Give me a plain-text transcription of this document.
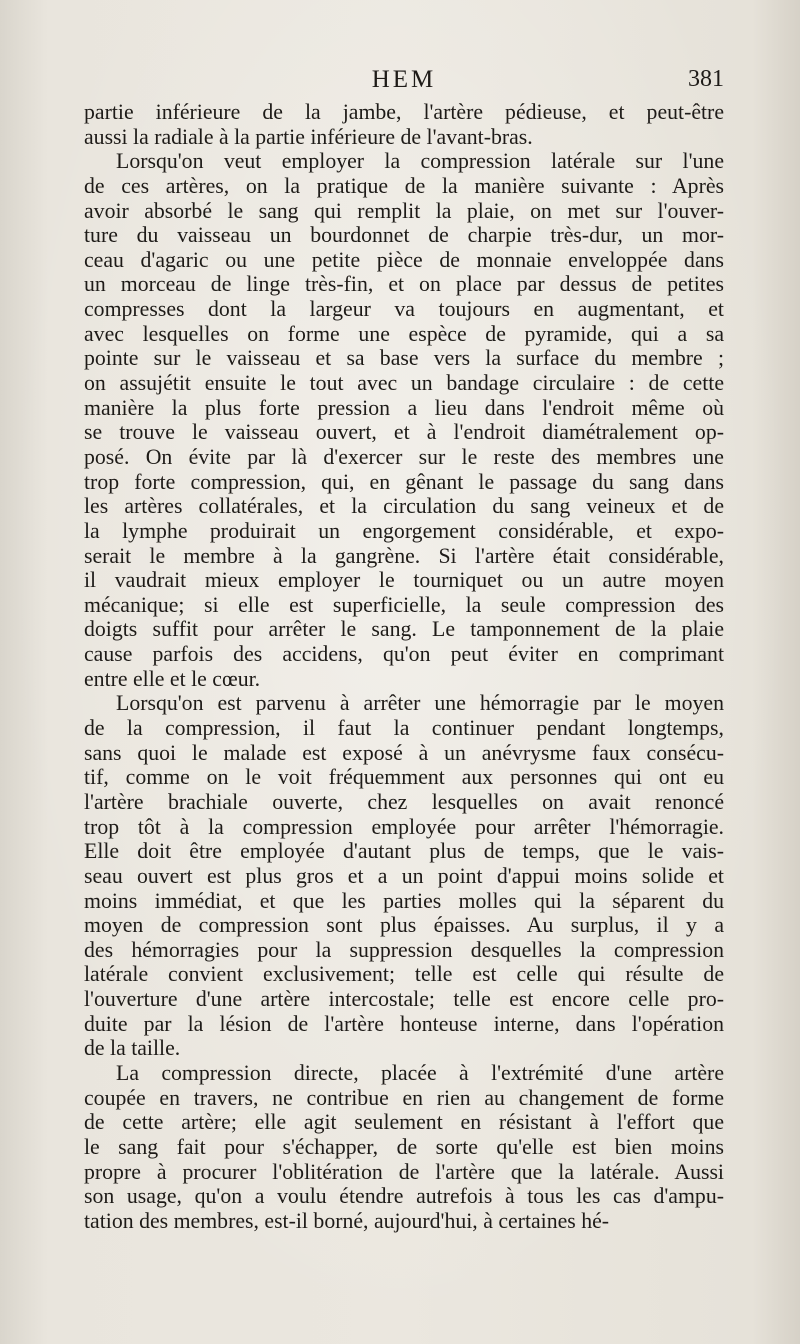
HEM	381
partie inférieure de la jambe, l'artère pédieuse, et peut-être
aussi la radiale à la partie inférieure de l'avant-bras.
Lorsqu'on veut employer la compression latérale sur l'une
de ces artères, on la pratique de la manière suivante : Après
avoir absorbé le sang qui remplit la plaie, on met sur l'ouver-
ture du vaisseau un bourdonnet de charpie très-dur, un mor-
ceau d'agaric ou une petite pièce de monnaie enveloppée dans
un morceau de linge très-fin, et on place par dessus de petites
compresses dont la largeur va toujours en augmentant, et
avec lesquelles on forme une espèce de pyramide, qui a sa
pointe sur le vaisseau et sa base vers la surface du membre ;
on assujétit ensuite le tout avec un bandage circulaire : de cette
manière la plus forte pression a lieu dans l'endroit même où
se trouve le vaisseau ouvert, et à l'endroit diamétralement op-
posé. On évite par là d'exercer sur le reste des membres une
trop forte compression, qui, en gênant le passage du sang dans
les artères collatérales, et la circulation du sang veineux et de
la lymphe produirait un engorgement considérable, et expo-
serait le membre à la gangrène. Si l'artère était considérable,
il vaudrait mieux employer le tourniquet ou un autre moyen
mécanique; si elle est superficielle, la seule compression des
doigts suffit pour arrêter le sang. Le tamponnement de la plaie
cause parfois des accidens, qu'on peut éviter en comprimant
entre elle et le cœur.
Lorsqu'on est parvenu à arrêter une hémorragie par le moyen
de la compression, il faut la continuer pendant longtemps,
sans quoi le malade est exposé à un anévrysme faux consécu-
tif, comme on le voit fréquemment aux personnes qui ont eu
l'artère brachiale ouverte, chez lesquelles on avait renoncé
trop tôt à la compression employée pour arrêter l'hémorragie.
Elle doit être employée d'autant plus de temps, que le vais-
seau ouvert est plus gros et a un point d'appui moins solide et
moins immédiat, et que les parties molles qui la séparent du
moyen de compression sont plus épaisses. Au surplus, il y a
des hémorragies pour la suppression desquelles la compression
latérale convient exclusivement; telle est celle qui résulte de
l'ouverture d'une artère intercostale; telle est encore celle pro-
duite par la lésion de l'artère honteuse interne, dans l'opération
de la taille.
La compression directe, placée à l'extrémité d'une artère
coupée en travers, ne contribue en rien au changement de forme
de cette artère; elle agit seulement en résistant à l'effort que
le sang fait pour s'échapper, de sorte qu'elle est bien moins
propre à procurer l'oblitération de l'artère que la latérale. Aussi
son usage, qu'on a voulu étendre autrefois à tous les cas d'ampu-
tation des membres, est-il borné, aujourd'hui, à certaines hé-
